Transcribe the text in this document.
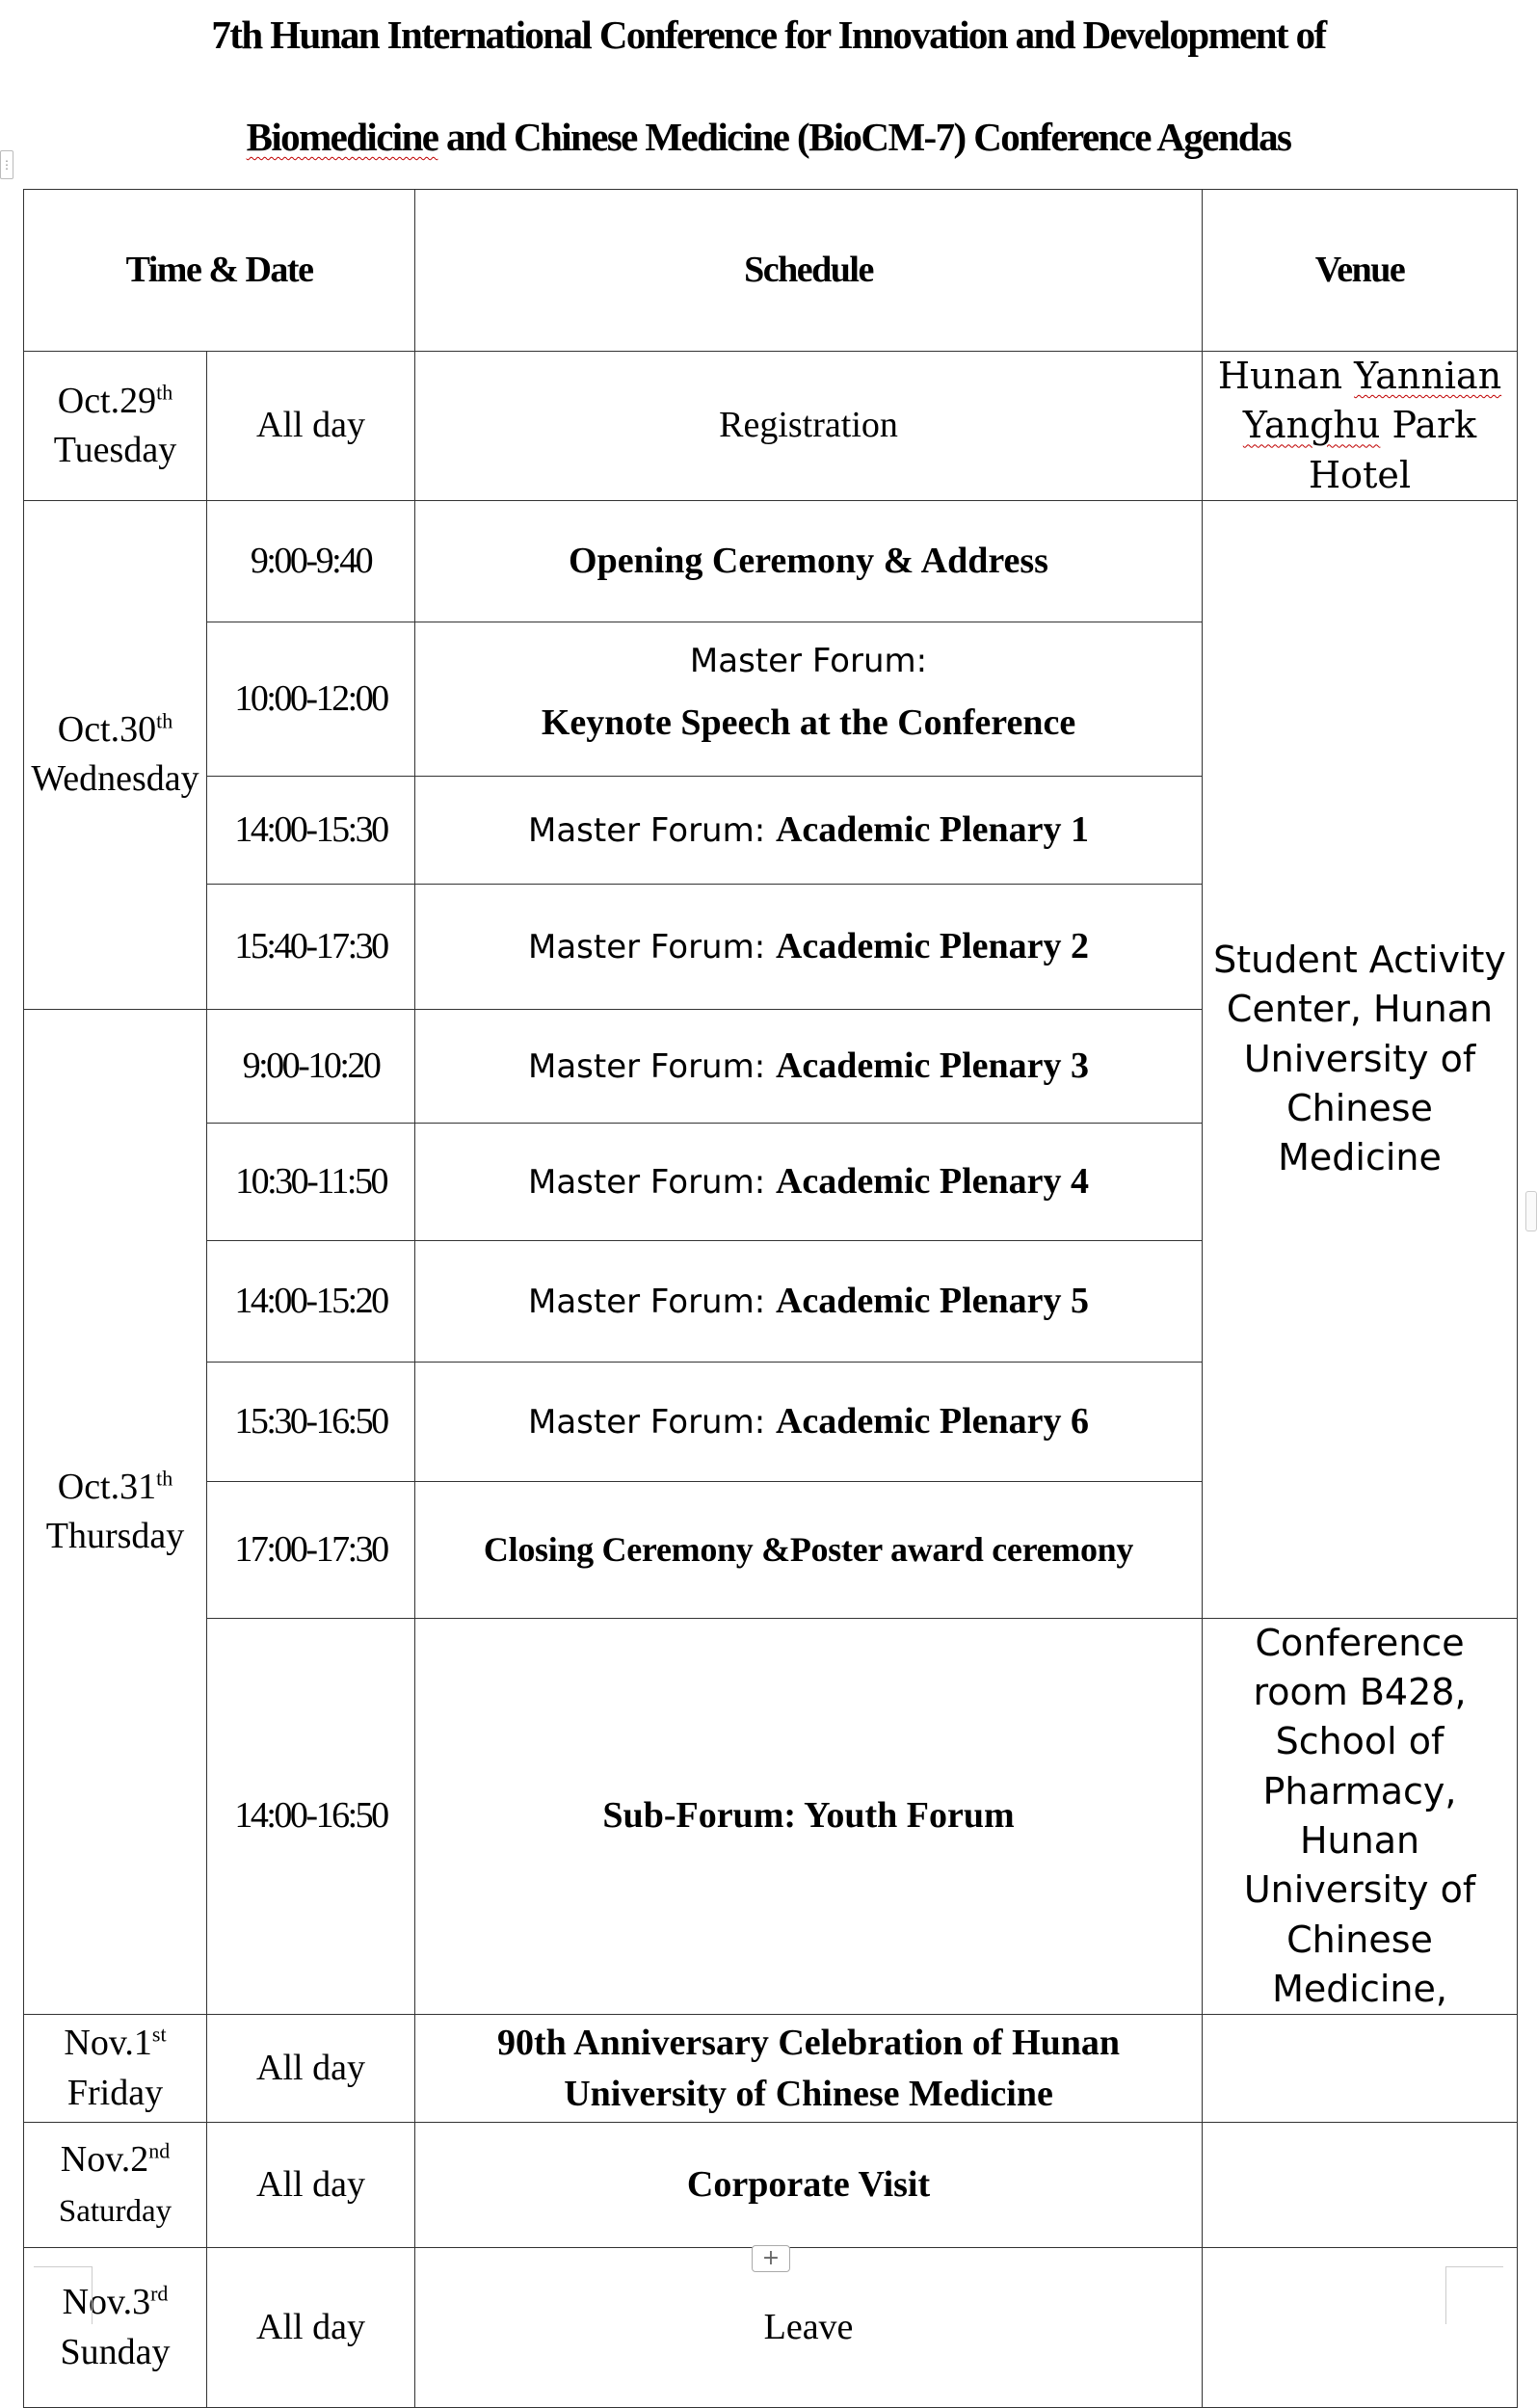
7th Hunan International Conference for Innovation and Development of
Biomedicine and Chinese Medicine (BioCM-7) Conference Agendas
⋮
Time & Date		Schedule	Venue
Oct.29th
Tuesday	All day	Registration	Hunan Yannian
Yanghu Park Hotel
Oct.30th
Wednesday	9:00-9:40	Opening Ceremony & Address	Student Activity Center, Hunan University of Chinese Medicine
	10:00-12:00	Master Forum:
Keynote Speech at the Conference	
	14:00-15:30	Master Forum: Academic Plenary 1	
	15:40-17:30	Master Forum: Academic Plenary 2	
Oct.31th
Thursday	9:00-10:20	Master Forum: Academic Plenary 3	
	10:30-11:50	Master Forum: Academic Plenary 4	
	14:00-15:20	Master Forum: Academic Plenary 5	
	15:30-16:50	Master Forum: Academic Plenary 6	
	17:00-17:30	Closing Ceremony &Poster award ceremony	
	14:00-16:50	Sub-Forum: Youth Forum	Conference room B428, School of Pharmacy, Hunan University of Chinese Medicine,
Nov.1st
Friday	All day	90th Anniversary Celebration of Hunan
University of Chinese Medicine	
Nov.2nd
Saturday	All day	Corporate Visit	
Nov.3rd
Sunday	All day	Leave	
+
